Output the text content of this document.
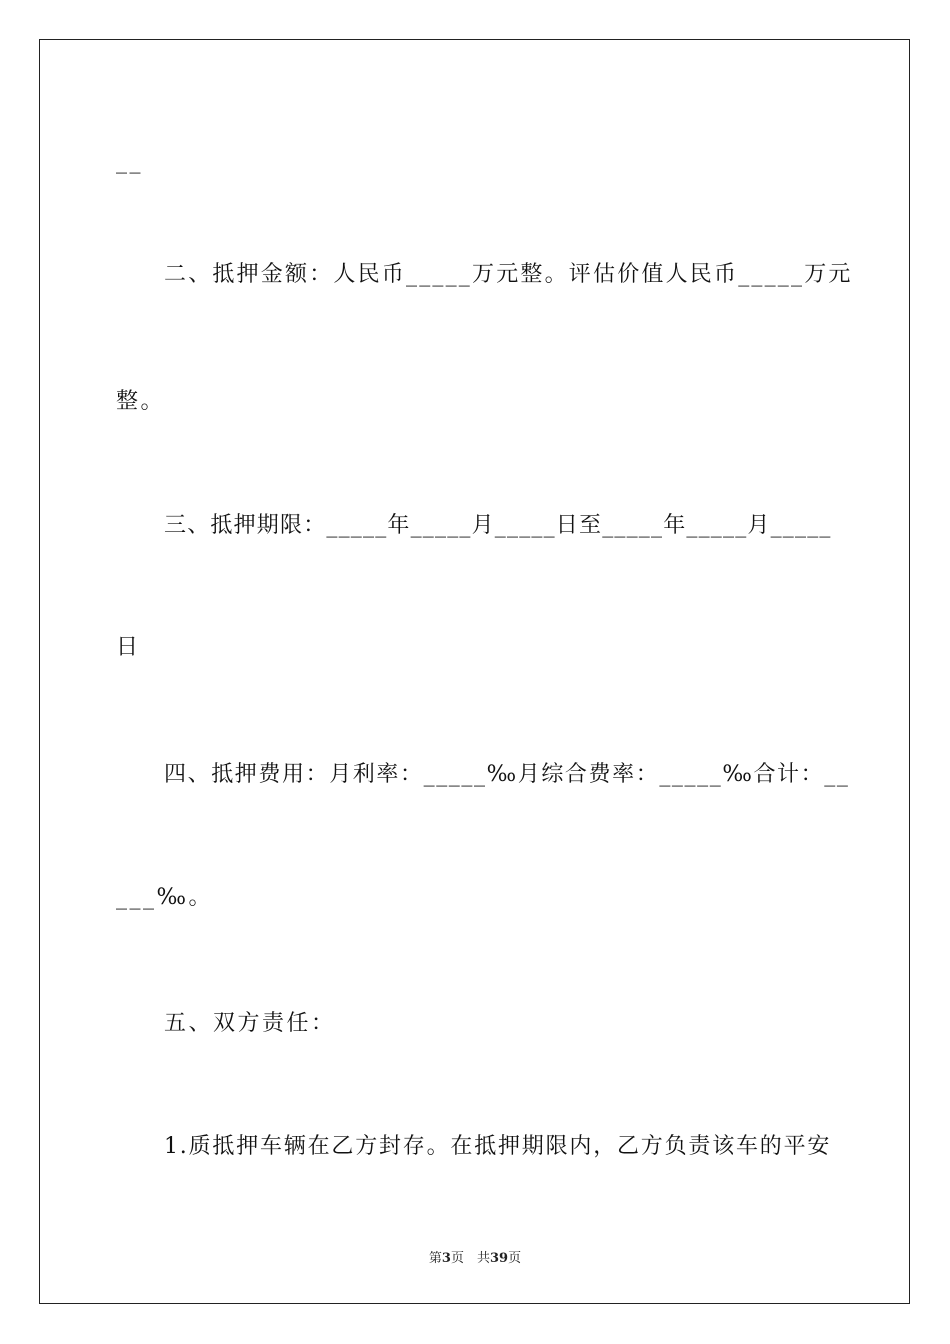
__
二、抵押金额：人民币_____万元整。评估价值人民币_____万元
整。
三、抵押期限：_____年_____月_____日至_____年_____月_____
日
四、抵押费用：月利率：_____‰月综合费率：_____‰合计：__
___‰。
五、双方责任：
1.质抵押车辆在乙方封存。在抵押期限内，乙方负责该车的平安
第3页　共39页
